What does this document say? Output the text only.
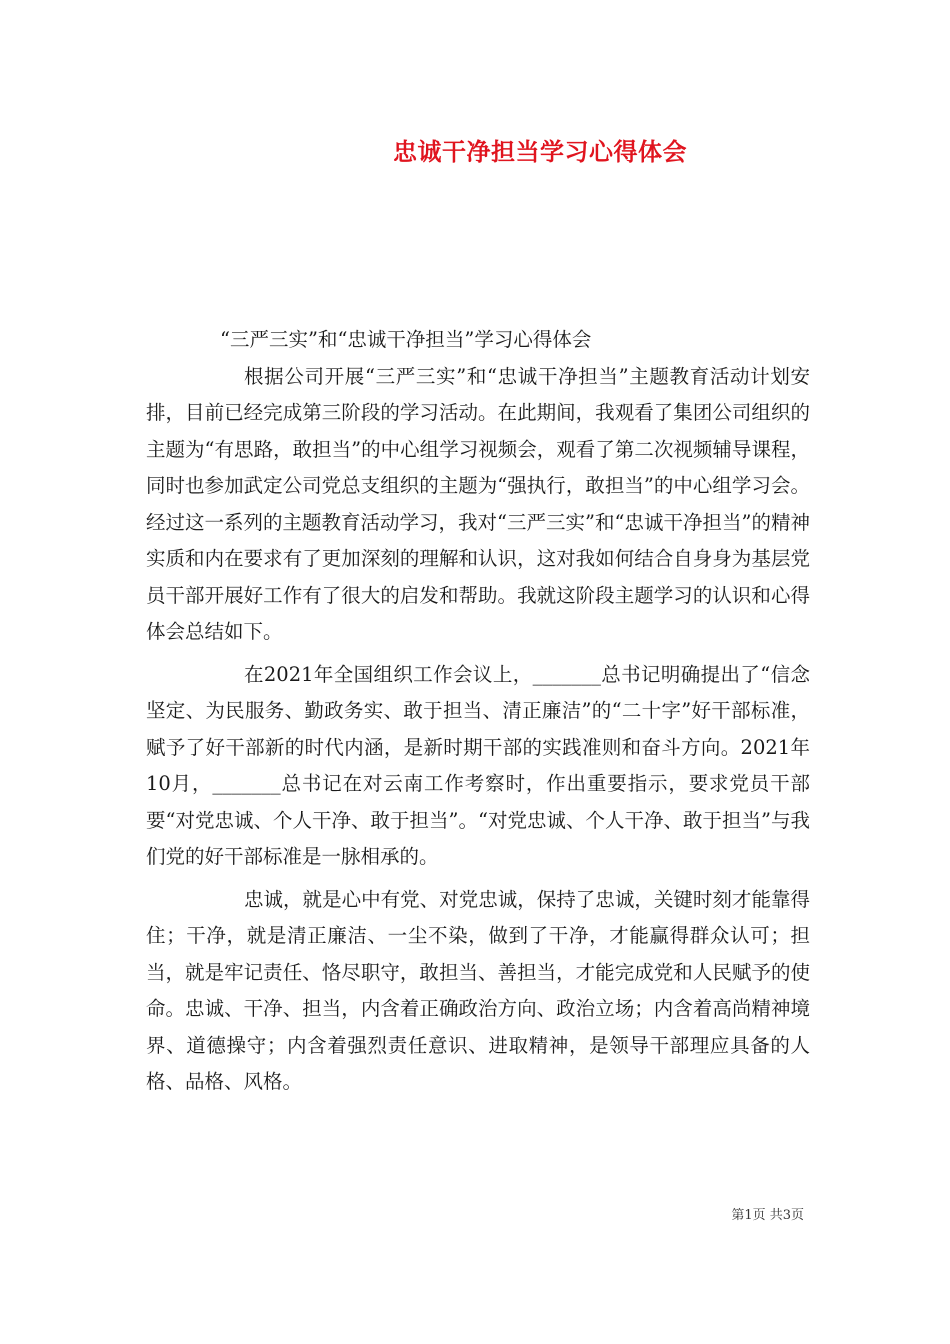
忠诚干净担当学习心得体会

“三严三实”和“忠诚干净担当”学习心得体会

根据公司开展“三严三实”和“忠诚干净担当”主题教育活动计划安排，目前已经完成第三阶段的学习活动。在此期间，我观看了集团公司组织的主题为“有思路，敢担当”的中心组学习视频会，观看了第二次视频辅导课程，同时也参加武定公司党总支组织的主题为“强执行，敢担当”的中心组学习会。经过这一系列的主题教育活动学习，我对“三严三实”和“忠诚干净担当”的精神实质和内在要求有了更加深刻的理解和认识，这对我如何结合自身身为基层党员干部开展好工作有了很大的启发和帮助。我就这阶段主题学习的认识和心得体会总结如下。

在2021年全国组织工作会议上，_______总书记明确提出了“信念坚定、为民服务、勤政务实、敢于担当、清正廉洁”的“二十字”好干部标准，赋予了好干部新的时代内涵，是新时期干部的实践准则和奋斗方向。2021年10月，_______总书记在对云南工作考察时，作出重要指示，要求党员干部要“对党忠诚、个人干净、敢于担当”。“对党忠诚、个人干净、敢于担当”与我们党的好干部标准是一脉相承的。

忠诚，就是心中有党、对党忠诚，保持了忠诚，关键时刻才能靠得住；干净，就是清正廉洁、一尘不染，做到了干净，才能赢得群众认可；担当，就是牢记责任、恪尽职守，敢担当、善担当，才能完成党和人民赋予的使命。忠诚、干净、担当，内含着正确政治方向、政治立场；内含着高尚精神境界、道德操守；内含着强烈责任意识、进取精神，是领导干部理应具备的人格、品格、风格。

第1页 共3页
